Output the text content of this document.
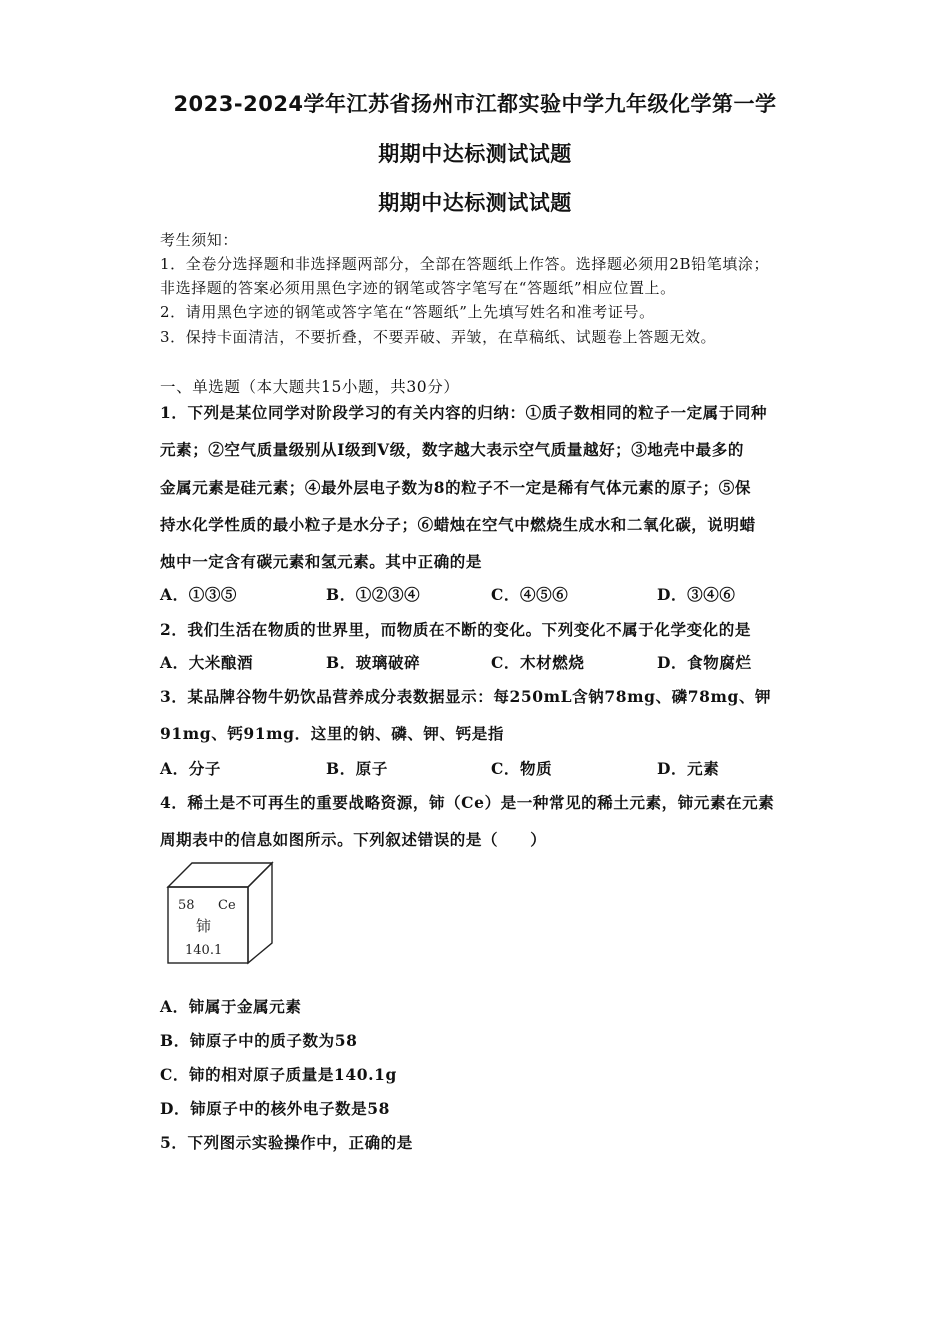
2023-2024学年江苏省扬州市江都实验中学九年级化学第一学
期期中达标测试试题
期期中达标测试试题
考生须知：
1．全卷分选择题和非选择题两部分，全部在答题纸上作答。选择题必须用2B铅笔填涂；
非选择题的答案必须用黑色字迹的钢笔或答字笔写在“答题纸”相应位置上。
2．请用黑色字迹的钢笔或答字笔在“答题纸”上先填写姓名和准考证号。
3．保持卡面清洁，不要折叠，不要弄破、弄皱，在草稿纸、试题卷上答题无效。
一、单选题（本大题共15小题，共30分）
1．下列是某位同学对阶段学习的有关内容的归纳：①质子数相同的粒子一定属于同种
元素；②空气质量级别从Ⅰ级到Ⅴ级，数字越大表示空气质量越好；③地壳中最多的
金属元素是硅元素；④最外层电子数为8的粒子不一定是稀有气体元素的原子；⑤保
持水化学性质的最小粒子是水分子；⑥蜡烛在空气中燃烧生成水和二氧化碳，说明蜡
烛中一定含有碳元素和氢元素。其中正确的是
A．①③⑤	B．①②③④	C．④⑤⑥	D．③④⑥
2．我们生活在物质的世界里，而物质在不断的变化。下列变化不属于化学变化的是
A．大米酿酒	B．玻璃破碎	C．木材燃烧	D．食物腐烂
3．某品牌谷物牛奶饮品营养成分表数据显示：每250mL含钠78mg、磷78mg、钾
91mg、钙91mg．这里的钠、磷、钾、钙是指
A．分子	B．原子	C．物质	D．元素
4．稀土是不可再生的重要战略资源，铈（Ce）是一种常见的稀土元素，铈元素在元素
周期表中的信息如图所示。下列叙述错误的是（　　）
58 Ce
铈
140.1
A．铈属于金属元素
B．铈原子中的质子数为58
C．铈的相对原子质量是140.1g
D．铈原子中的核外电子数是58
5．下列图示实验操作中，正确的是
